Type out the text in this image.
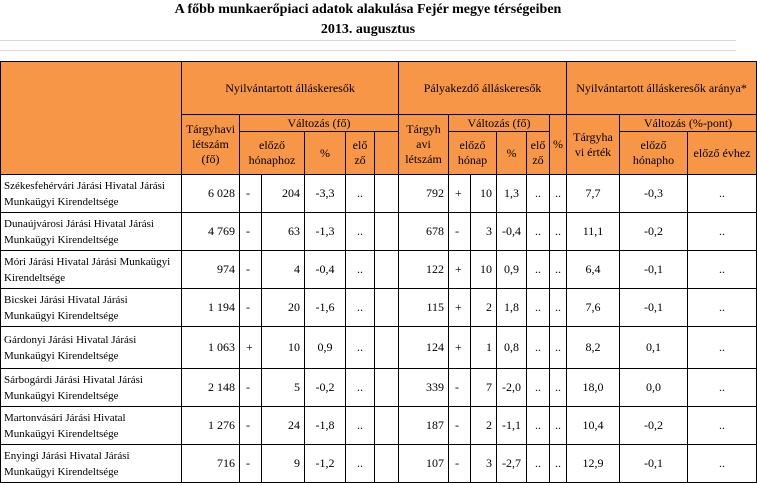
A főbb munkaerőpiaci adatok alakulása Fejér megye térségeiben
2013. augusztus
	Nyilvántartott álláskeresők						Pályakezdő álláskeresők						Nyilvántartott álláskeresők aránya*		
	Tárgyhavi létszám (fő)	Változás (fő)					Tárgyh avi létszám	Változás (fő)				%	Tárgyha vi érték	Változás (%-pont)	
		előző hónaphoz		%	elő ző			előző hónap		%	elő ző			előző hónapho	előző évhez
Székesfehérvári Járási Hivatal Járási Munkaügyi Kirendeltsége	6 028	-	204	-3,3	..		792	+	10	1,3	..	..	7,7	-0,3	..
Dunaújvárosi Járási Hivatal Járási Munkaügyi Kirendeltsége	4 769	-	63	-1,3	..		678	-	3	-0,4	..	..	11,1	-0,2	..
Móri Járási Hivatal Járási Munkaügyi Kirendeltsége	974	-	4	-0,4	..		122	+	10	0,9	..	..	6,4	-0,1	..
Bicskei Járási Hivatal Járási Munkaügyi Kirendeltsége	1 194	-	20	-1,6	..		115	+	2	1,8	..	..	7,6	-0,1	..
Gárdonyi Járási Hivatal Járási Munkaügyi Kirendeltsége	1 063	+	10	0,9	..		124	+	1	0,8	..	..	8,2	0,1	..
Sárbogárdi Járási Hivatal Járási Munkaügyi Kirendeltsége	2 148	-	5	-0,2	..		339	-	7	-2,0	..	..	18,0	0,0	..
Martonvásári Járási Hivatal Munkaügyi Kirendeltsége	1 276	-	24	-1,8	..		187	-	2	-1,1	..	..	10,4	-0,2	..
Enyingi Járási Hivatal Járási Munkaügyi Kirendeltsége	716	-	9	-1,2	..		107	-	3	-2,7	..	..	12,9	-0,1	..
